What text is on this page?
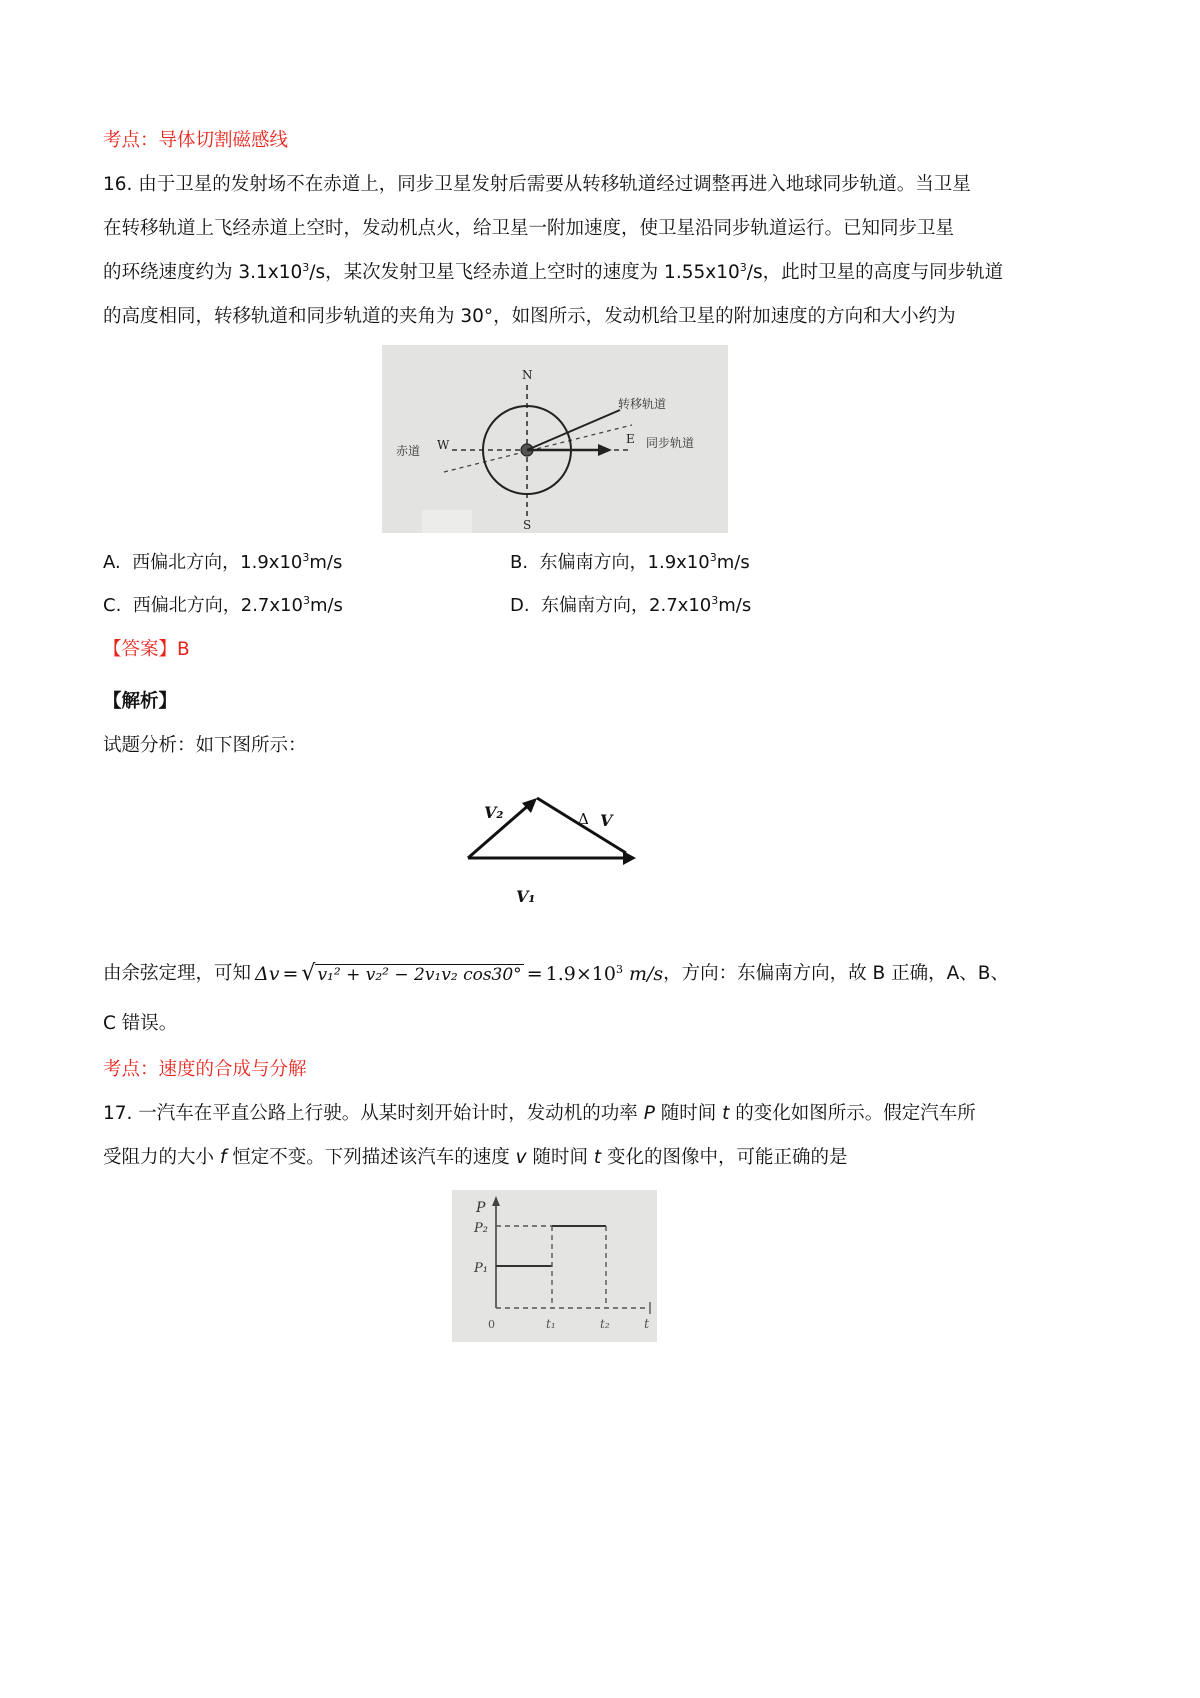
考点：导体切割磁感线
16. 由于卫星的发射场不在赤道上，同步卫星发射后需要从转移轨道经过调整再进入地球同步轨道。当卫星
在转移轨道上飞经赤道上空时，发动机点火，给卫星一附加速度，使卫星沿同步轨道运行。已知同步卫星
的环绕速度约为 $3.1x10^3/s$，某次发射卫星飞经赤道上空时的速度为 $1.55x10^3/s$，此时卫星的高度与同步轨道
的高度相同，转移轨道和同步轨道的夹角为 30°，如图所示，发动机给卫星的附加速度的方向和大小约为
N
S
W	E
赤道
转移轨道
同步轨道
A. 西偏北方向，$1.9x10^3m/s$	B. 东偏南方向，$1.9x10^3m/s$
C. 西偏北方向，$2.7x10^3m/s$	D. 东偏南方向，$2.7x10^3m/s$
【答案】B
【解析】
试题分析：如下图所示：
V₂	Δ V
V₁
由余弦定理，可知 Δv = √ v₁² + v₂² − 2v₁v₂ $\cos 30^\circ = 1.9\times 10^3$ m/s ，方向：东偏南方向，故 B 正确，A、B、
C 错误。
考点：速度的合成与分解
17. 一汽车在平直公路上行驶。从某时刻开始计时，发动机的功率 P 随时间 t 的变化如图所示。假定汽车所
受阻力的大小 f 恒定不变。下列描述该汽车的速度 v 随时间 t 变化的图像中，可能正确的是
P
P₂
P₁
0	t₁	t₂	t
